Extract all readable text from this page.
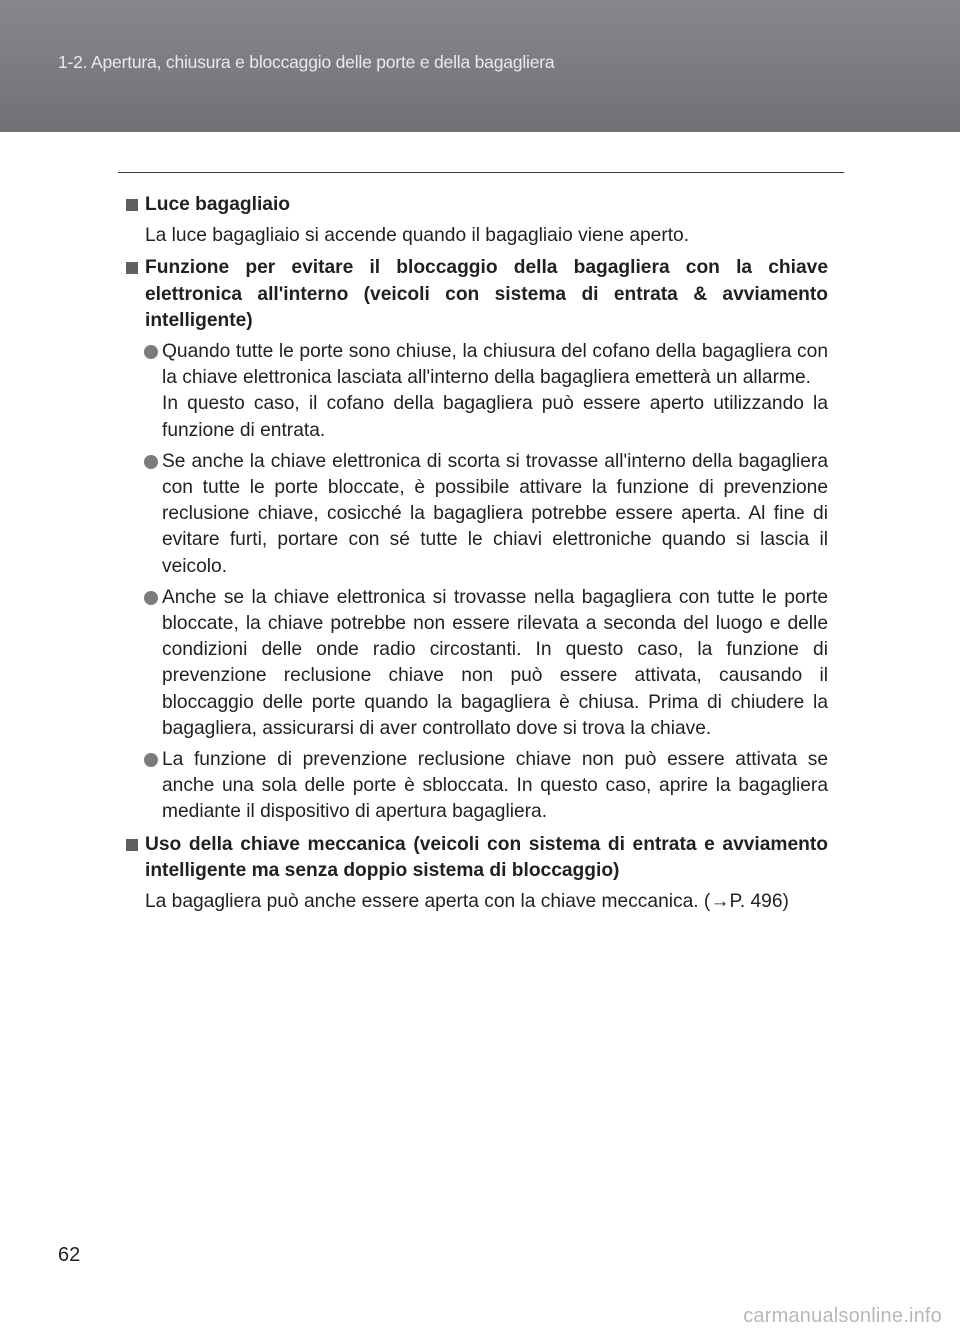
1-2. Apertura, chiusura e bloccaggio delle porte e della bagagliera
Luce bagagliaio
La luce bagagliaio si accende quando il bagagliaio viene aperto.
Funzione per evitare il bloccaggio della bagagliera con la chiave elettronica all'interno (veicoli con sistema di entrata & avviamento intelligente)

Quando tutte le porte sono chiuse, la chiusura del cofano della bagagliera con la chiave elettronica lasciata all'interno della bagagliera emetterà un allarme.

In questo caso, il cofano della bagagliera può essere aperto utilizzando la funzione di entrata.

Se anche la chiave elettronica di scorta si trovasse all'interno della bagagliera con tutte le porte bloccate, è possibile attivare la funzione di prevenzione reclusione chiave, cosicché la bagagliera potrebbe essere aperta. Al fine di evitare furti, portare con sé tutte le chiavi elettroniche quando si lascia il veicolo.

Anche se la chiave elettronica si trovasse nella bagagliera con tutte le porte bloccate, la chiave potrebbe non essere rilevata a seconda del luogo e delle condizioni delle onde radio circostanti. In questo caso, la funzione di prevenzione reclusione chiave non può essere attivata, causando il bloccaggio delle porte quando la bagagliera è chiusa. Prima di chiudere la bagagliera, assicurarsi di aver controllato dove si trova la chiave.

La funzione di prevenzione reclusione chiave non può essere attivata se anche una sola delle porte è sbloccata. In questo caso, aprire la bagagliera mediante il dispositivo di apertura bagagliera.

Uso della chiave meccanica (veicoli con sistema di entrata e avviamento intelligente ma senza doppio sistema di bloccaggio)
La bagagliera può anche essere aperta con la chiave meccanica. (→P. 496)
62
carmanualsonline.info
